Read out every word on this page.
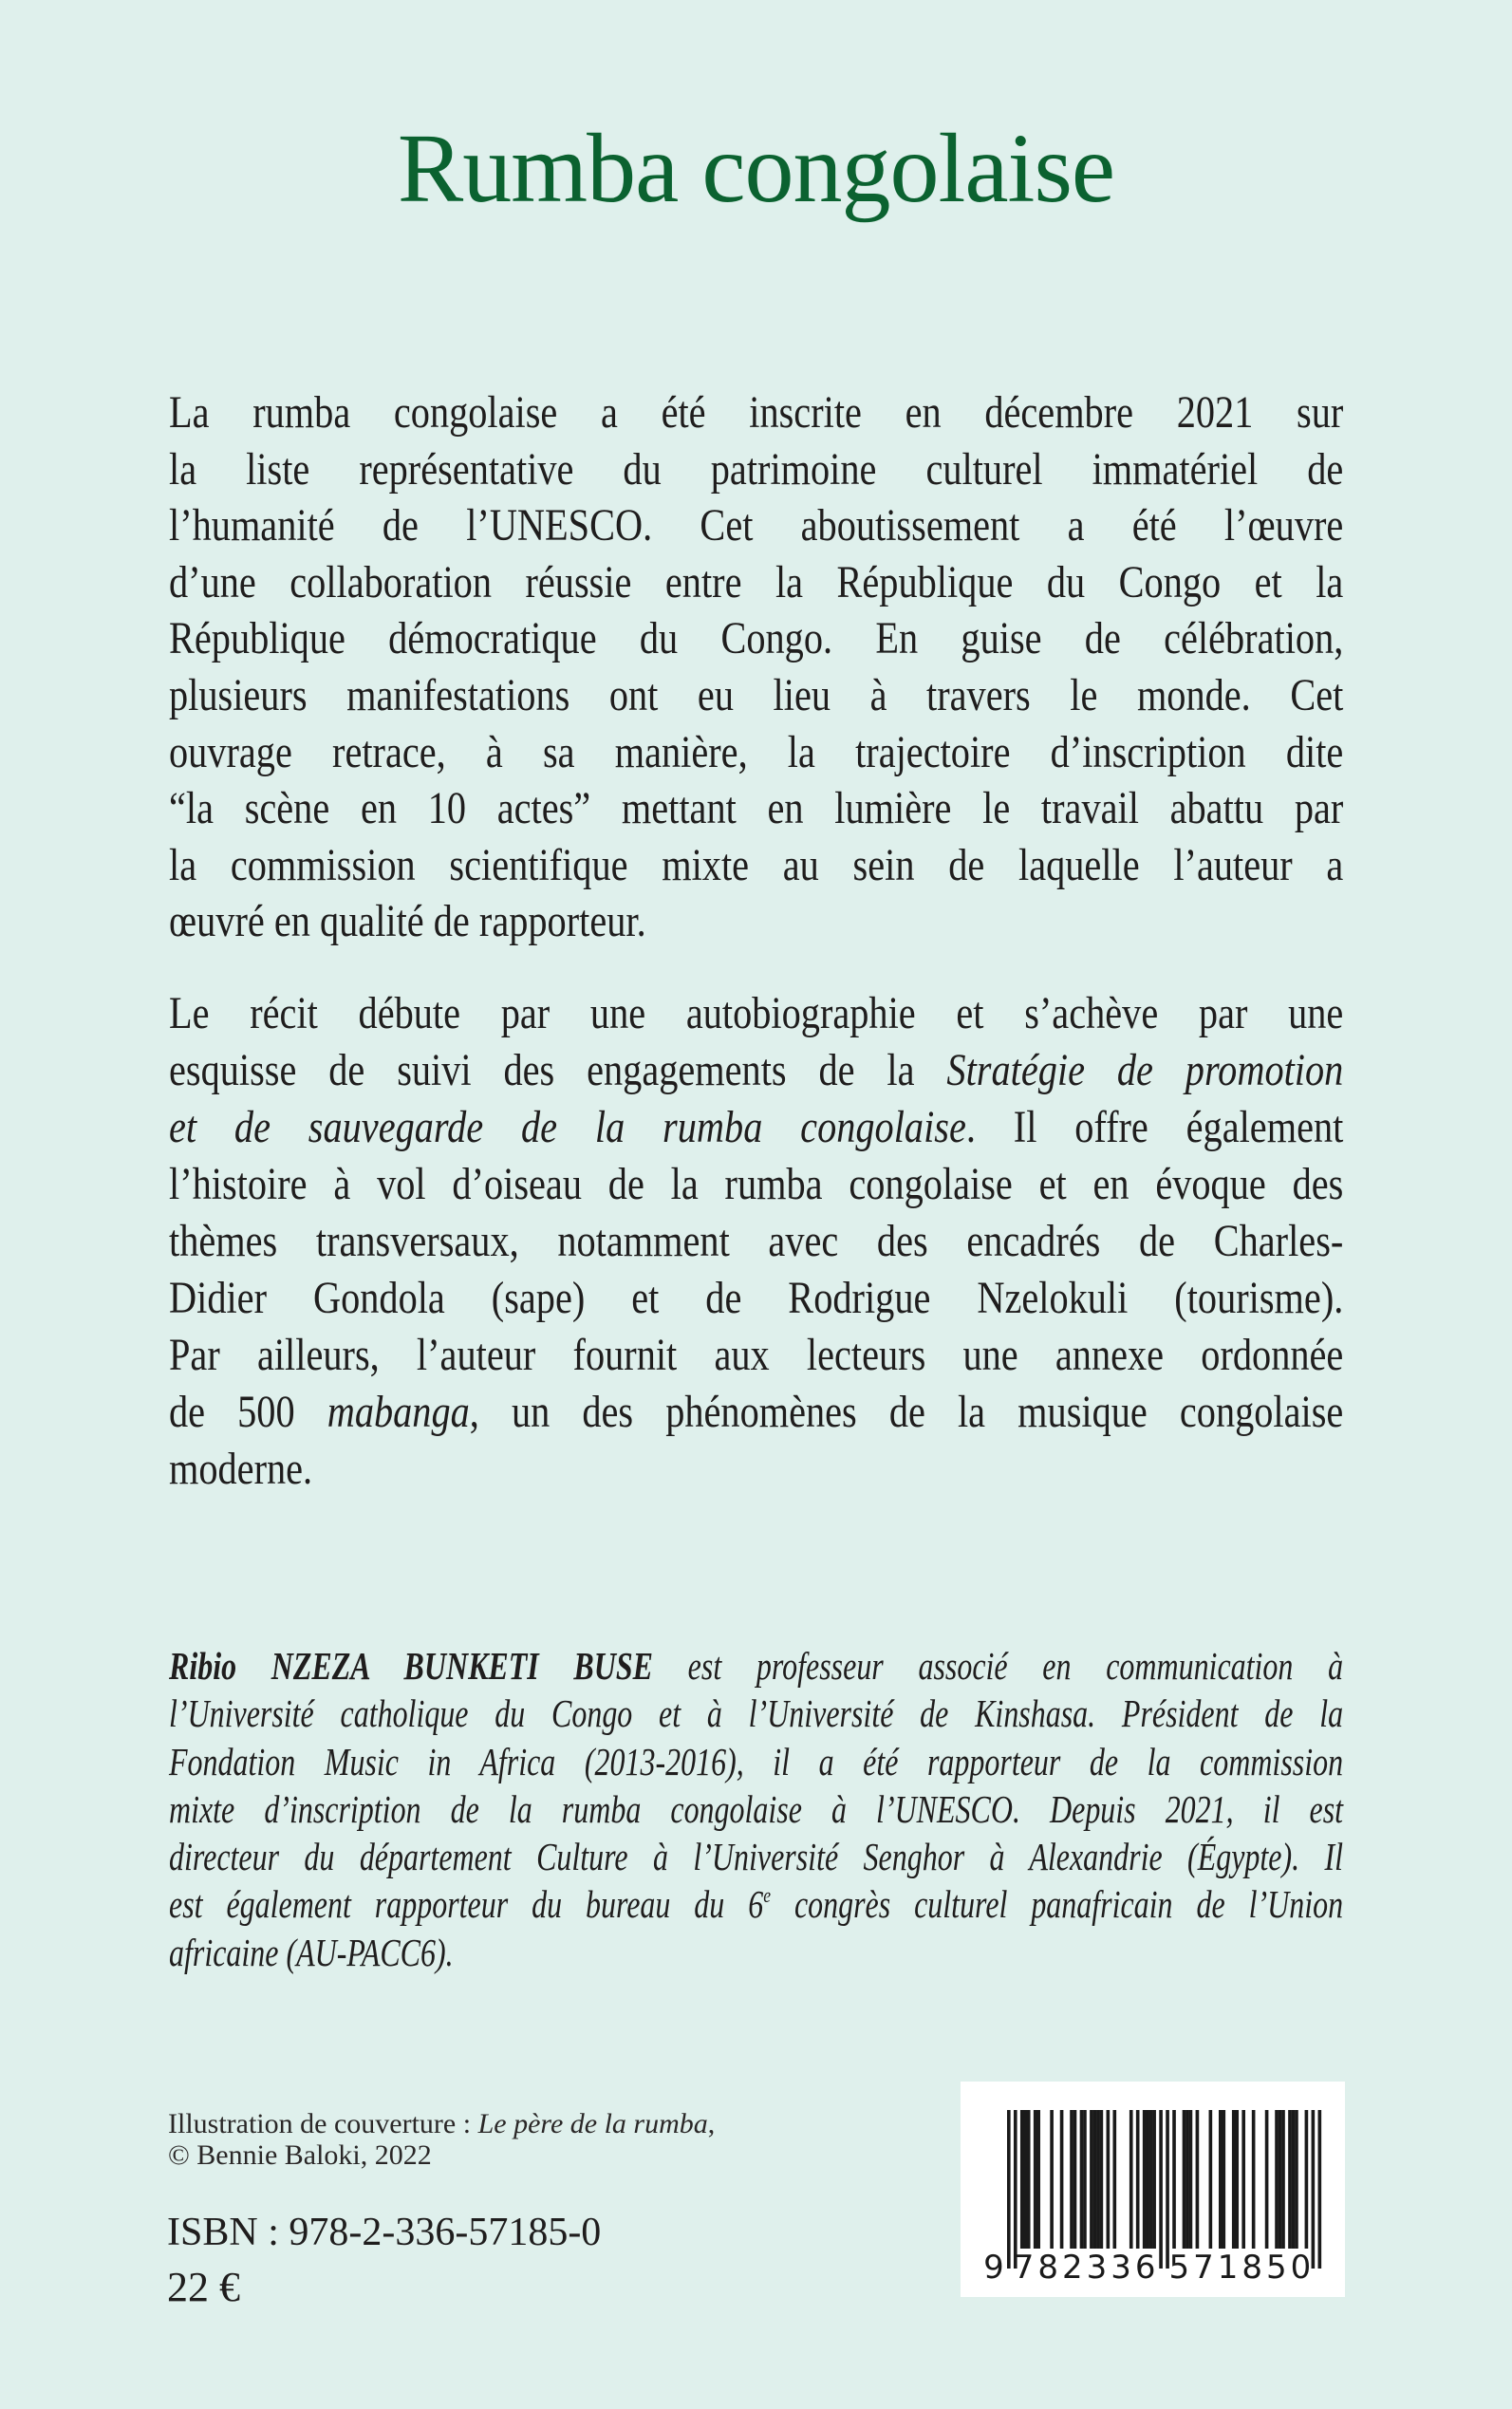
Rumba congolaise
La rumba congolaise a été inscrite en décembre 2021 sur
la liste représentative du patrimoine culturel immatériel de
l’humanité de l’UNESCO. Cet aboutissement a été l’œuvre
d’une collaboration réussie entre la République du Congo et la
République démocratique du Congo. En guise de célébration,
plusieurs manifestations ont eu lieu à travers le monde. Cet
ouvrage retrace, à sa manière, la trajectoire d’inscription dite
“la scène en 10 actes” mettant en lumière le travail abattu par
la commission scientifique mixte au sein de laquelle l’auteur a
œuvré en qualité de rapporteur.
Le récit débute par une autobiographie et s’achève par une
esquisse de suivi des engagements de la Stratégie de promotion
et de sauvegarde de la rumba congolaise. Il offre également
l’histoire à vol d’oiseau de la rumba congolaise et en évoque des
thèmes transversaux, notamment avec des encadrés de Charles-
Didier Gondola (sape) et de Rodrigue Nzelokuli (tourisme).
Par ailleurs, l’auteur fournit aux lecteurs une annexe ordonnée
de 500 mabanga, un des phénomènes de la musique congolaise
moderne.
Ribio NZEZA BUNKETI BUSE est professeur associé en communication à
l’Université catholique du Congo et à l’Université de Kinshasa. Président de la
Fondation Music in Africa (2013-2016), il a été rapporteur de la commission
mixte d’inscription de la rumba congolaise à l’UNESCO. Depuis 2021, il est
directeur du département Culture à l’Université Senghor à Alexandrie (Égypte). Il
est également rapporteur du bureau du 6e congrès culturel panafricain de l’Union
africaine (AU-PACC6).
Illustration de couverture : Le père de la rumba,
© Bennie Baloki, 2022
ISBN : 978-2-336-57185-0
22 €	9 782336 571850
